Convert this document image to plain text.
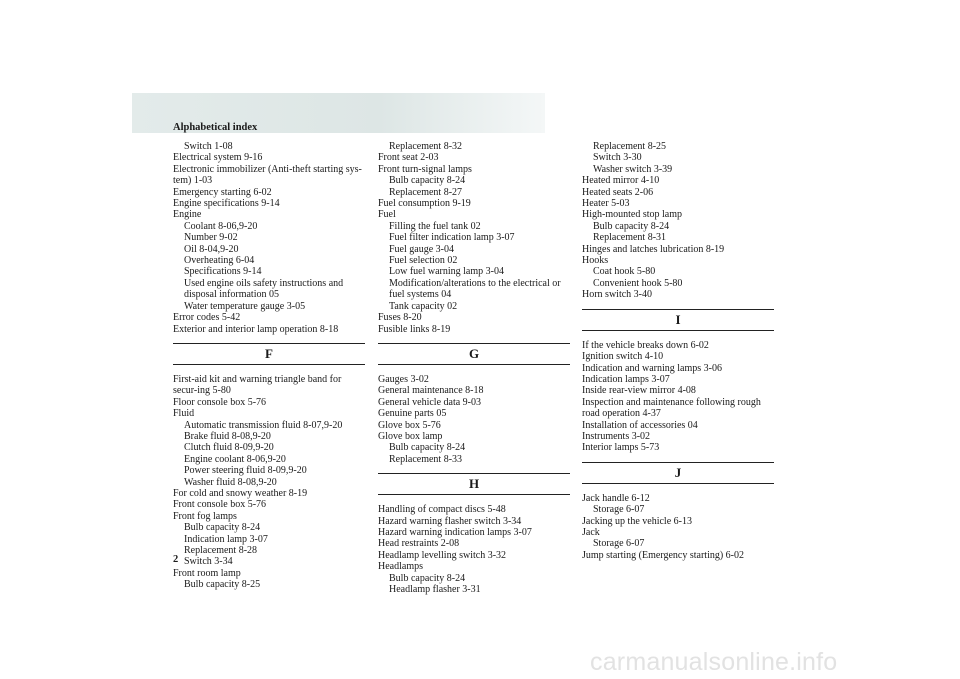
Alphabetical index
Switch 1-08
Electrical system 9-16
Electronic immobilizer (Anti-theft starting sys-tem) 1-03
Emergency starting 6-02
Engine specifications 9-14
Engine
Coolant 8-06,9-20
Number 9-02
Oil 8-04,9-20
Overheating 6-04
Specifications 9-14
Used engine oils safety instructions and disposal information 05
Water temperature gauge 3-05
Error codes 5-42
Exterior and interior lamp operation 8-18
F
First-aid kit and warning triangle band for secur-ing 5-80
Floor console box 5-76
Fluid
Automatic transmission fluid 8-07,9-20
Brake fluid 8-08,9-20
Clutch fluid 8-09,9-20
Engine coolant 8-06,9-20
Power steering fluid 8-09,9-20
Washer fluid 8-08,9-20
For cold and snowy weather 8-19
Front console box 5-76
Front fog lamps
Bulb capacity 8-24
Indication lamp 3-07
Replacement 8-28
Switch 3-34
Front room lamp
Bulb capacity 8-25
Replacement 8-32
Front seat 2-03
Front turn-signal lamps
Bulb capacity 8-24
Replacement 8-27
Fuel consumption 9-19
Fuel
Filling the fuel tank 02
Fuel filter indication lamp 3-07
Fuel gauge 3-04
Fuel selection 02
Low fuel warning lamp 3-04
Modification/alterations to the electrical or fuel systems 04
Tank capacity 02
Fuses 8-20
Fusible links 8-19
G
Gauges 3-02
General maintenance 8-18
General vehicle data 9-03
Genuine parts 05
Glove box 5-76
Glove box lamp
Bulb capacity 8-24
Replacement 8-33
H
Handling of compact discs 5-48
Hazard warning flasher switch 3-34
Hazard warning indication lamps 3-07
Head restraints 2-08
Headlamp levelling switch 3-32
Headlamps
Bulb capacity 8-24
Headlamp flasher 3-31
Replacement 8-25
Switch 3-30
Washer switch 3-39
Heated mirror 4-10
Heated seats 2-06
Heater 5-03
High-mounted stop lamp
Bulb capacity 8-24
Replacement 8-31
Hinges and latches lubrication 8-19
Hooks
Coat hook 5-80
Convenient hook 5-80
Horn switch 3-40
I
If the vehicle breaks down 6-02
Ignition switch 4-10
Indication and warning lamps 3-06
Indication lamps 3-07
Inside rear-view mirror 4-08
Inspection and maintenance following rough road operation 4-37
Installation of accessories 04
Instruments 3-02
Interior lamps 5-73
J
Jack handle 6-12
Storage 6-07
Jacking up the vehicle 6-13
Jack
Storage 6-07
Jump starting (Emergency starting) 6-02
2
carmanualsonline.info
